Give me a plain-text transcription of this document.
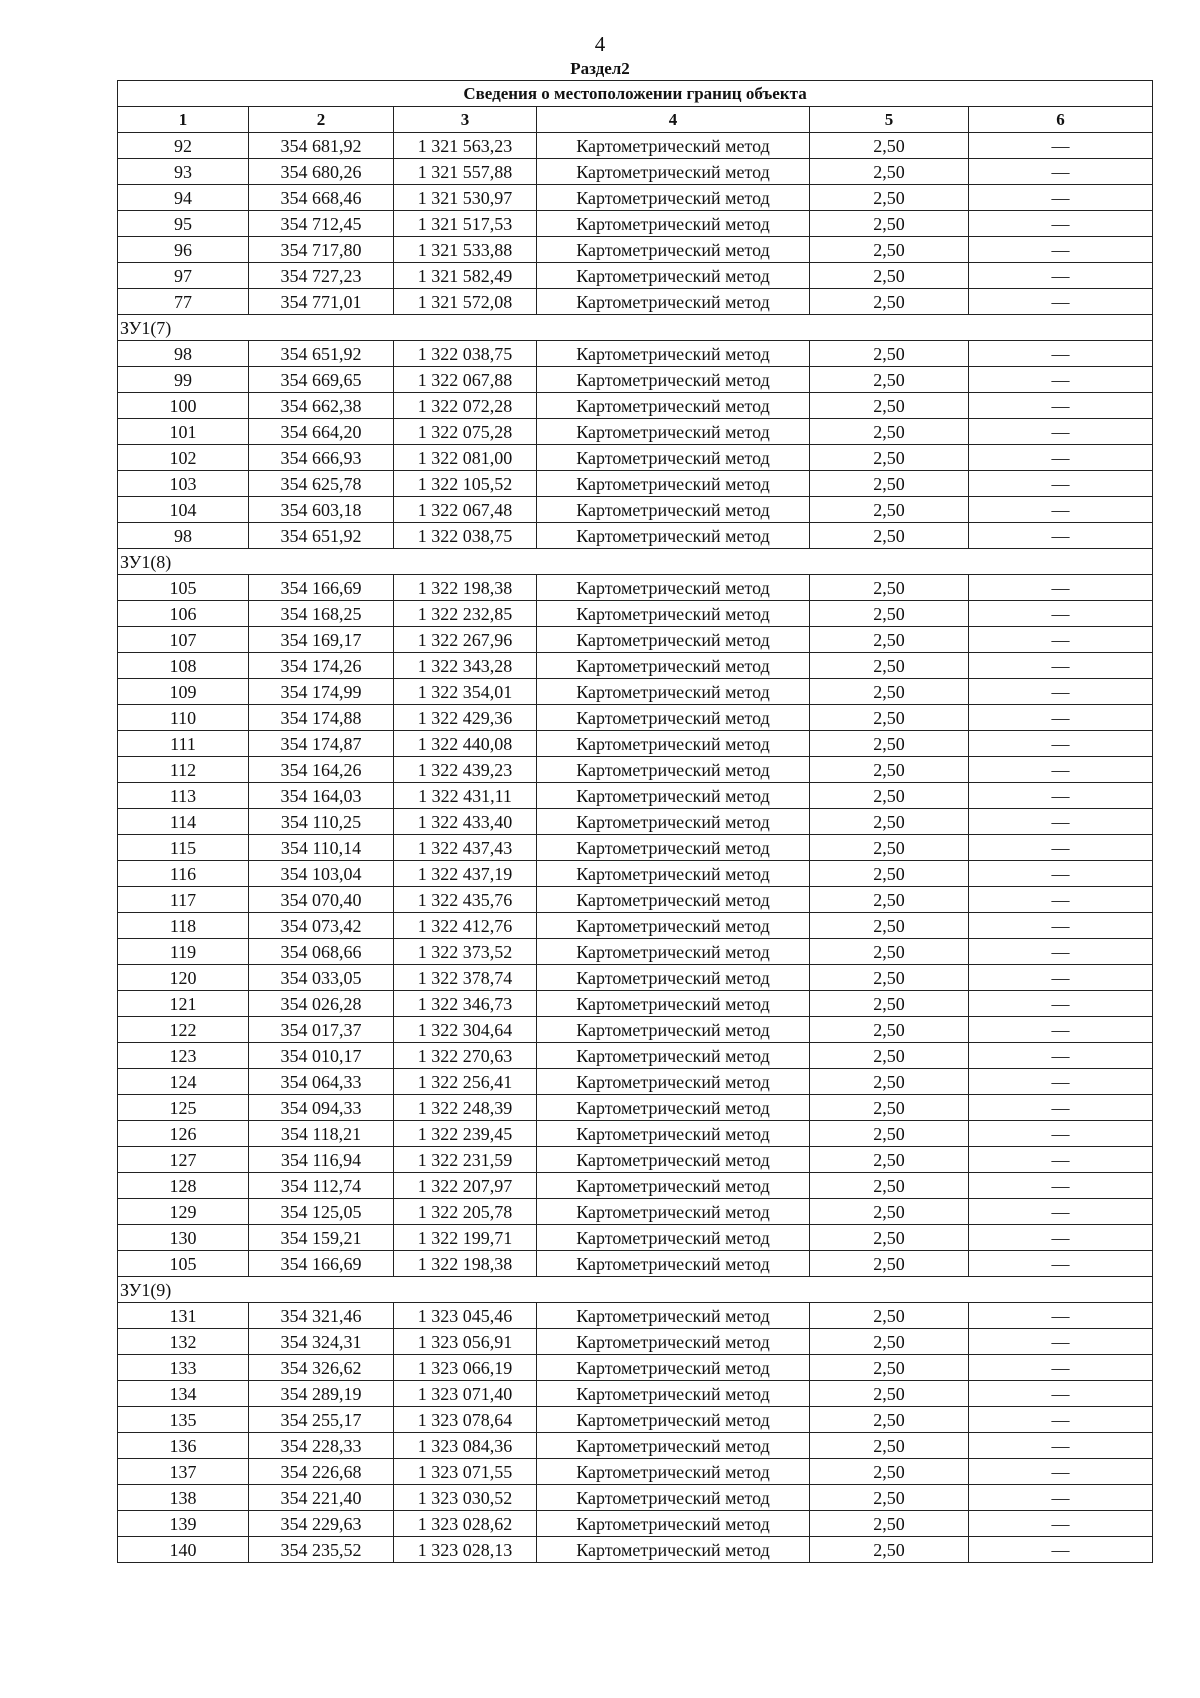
4
Раздел2
Сведения о местоположении границ объекта					
1	2	3	4	5	6
92	354 681,92	1 321 563,23	Картометрический метод	2,50	—
93	354 680,26	1 321 557,88	Картометрический метод	2,50	—
94	354 668,46	1 321 530,97	Картометрический метод	2,50	—
95	354 712,45	1 321 517,53	Картометрический метод	2,50	—
96	354 717,80	1 321 533,88	Картометрический метод	2,50	—
97	354 727,23	1 321 582,49	Картометрический метод	2,50	—
77	354 771,01	1 321 572,08	Картометрический метод	2,50	—
ЗУ1(7)					
98	354 651,92	1 322 038,75	Картометрический метод	2,50	—
99	354 669,65	1 322 067,88	Картометрический метод	2,50	—
100	354 662,38	1 322 072,28	Картометрический метод	2,50	—
101	354 664,20	1 322 075,28	Картометрический метод	2,50	—
102	354 666,93	1 322 081,00	Картометрический метод	2,50	—
103	354 625,78	1 322 105,52	Картометрический метод	2,50	—
104	354 603,18	1 322 067,48	Картометрический метод	2,50	—
98	354 651,92	1 322 038,75	Картометрический метод	2,50	—
ЗУ1(8)					
105	354 166,69	1 322 198,38	Картометрический метод	2,50	—
106	354 168,25	1 322 232,85	Картометрический метод	2,50	—
107	354 169,17	1 322 267,96	Картометрический метод	2,50	—
108	354 174,26	1 322 343,28	Картометрический метод	2,50	—
109	354 174,99	1 322 354,01	Картометрический метод	2,50	—
110	354 174,88	1 322 429,36	Картометрический метод	2,50	—
111	354 174,87	1 322 440,08	Картометрический метод	2,50	—
112	354 164,26	1 322 439,23	Картометрический метод	2,50	—
113	354 164,03	1 322 431,11	Картометрический метод	2,50	—
114	354 110,25	1 322 433,40	Картометрический метод	2,50	—
115	354 110,14	1 322 437,43	Картометрический метод	2,50	—
116	354 103,04	1 322 437,19	Картометрический метод	2,50	—
117	354 070,40	1 322 435,76	Картометрический метод	2,50	—
118	354 073,42	1 322 412,76	Картометрический метод	2,50	—
119	354 068,66	1 322 373,52	Картометрический метод	2,50	—
120	354 033,05	1 322 378,74	Картометрический метод	2,50	—
121	354 026,28	1 322 346,73	Картометрический метод	2,50	—
122	354 017,37	1 322 304,64	Картометрический метод	2,50	—
123	354 010,17	1 322 270,63	Картометрический метод	2,50	—
124	354 064,33	1 322 256,41	Картометрический метод	2,50	—
125	354 094,33	1 322 248,39	Картометрический метод	2,50	—
126	354 118,21	1 322 239,45	Картометрический метод	2,50	—
127	354 116,94	1 322 231,59	Картометрический метод	2,50	—
128	354 112,74	1 322 207,97	Картометрический метод	2,50	—
129	354 125,05	1 322 205,78	Картометрический метод	2,50	—
130	354 159,21	1 322 199,71	Картометрический метод	2,50	—
105	354 166,69	1 322 198,38	Картометрический метод	2,50	—
ЗУ1(9)					
131	354 321,46	1 323 045,46	Картометрический метод	2,50	—
132	354 324,31	1 323 056,91	Картометрический метод	2,50	—
133	354 326,62	1 323 066,19	Картометрический метод	2,50	—
134	354 289,19	1 323 071,40	Картометрический метод	2,50	—
135	354 255,17	1 323 078,64	Картометрический метод	2,50	—
136	354 228,33	1 323 084,36	Картометрический метод	2,50	—
137	354 226,68	1 323 071,55	Картометрический метод	2,50	—
138	354 221,40	1 323 030,52	Картометрический метод	2,50	—
139	354 229,63	1 323 028,62	Картометрический метод	2,50	—
140	354 235,52	1 323 028,13	Картометрический метод	2,50	—
